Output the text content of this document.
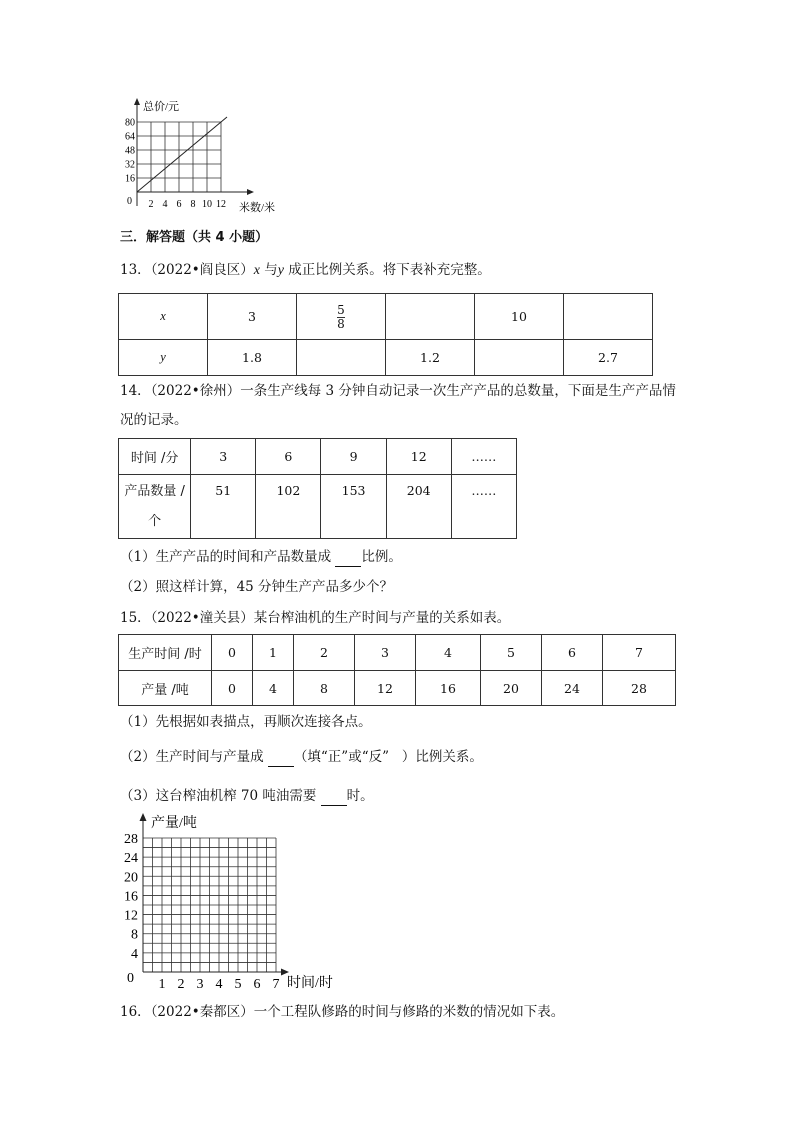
总价/元
米数/米
0 2 4 6 8 10 12
16
32
48
64
80
三．解答题（共 4 小题）
13．（2022•阎良区）x 与y 成正比例关系。将下表补充完整。
x	3	$\frac{5}{8}$		10	
y	1.8		1.2		2.7
14．（2022•徐州）一条生产线每 3 分钟自动记录一次生产产品的总数量，下面是生产产品情
况的记录。
时间 /分	3	6	9	12	……
产品数量 /
个	51	102	153	204	……
（1）生产产品的时间和产品数量成 比例。
（2）照这样计算，45 分钟生产产品多少个？
15．（2022•潼关县）某台榨油机的生产时间与产量的关系如表。
生产时间 /时	0	1	2	3	4	5	6	7
产量 /吨	0	4	8	12	16	20	24	28
（1）先根据如表描点，再顺次连接各点。
（2）生产时间与产量成 （填“正”或“反” ）比例关系。
（3）这台榨油机榨 70 吨油需要 时。
产量/吨
时间/时
0 1 2 3 4 5 6 7
4
8
12
16
20
24
28
16．（2022•秦都区）一个工程队修路的时间与修路的米数的情况如下表。
